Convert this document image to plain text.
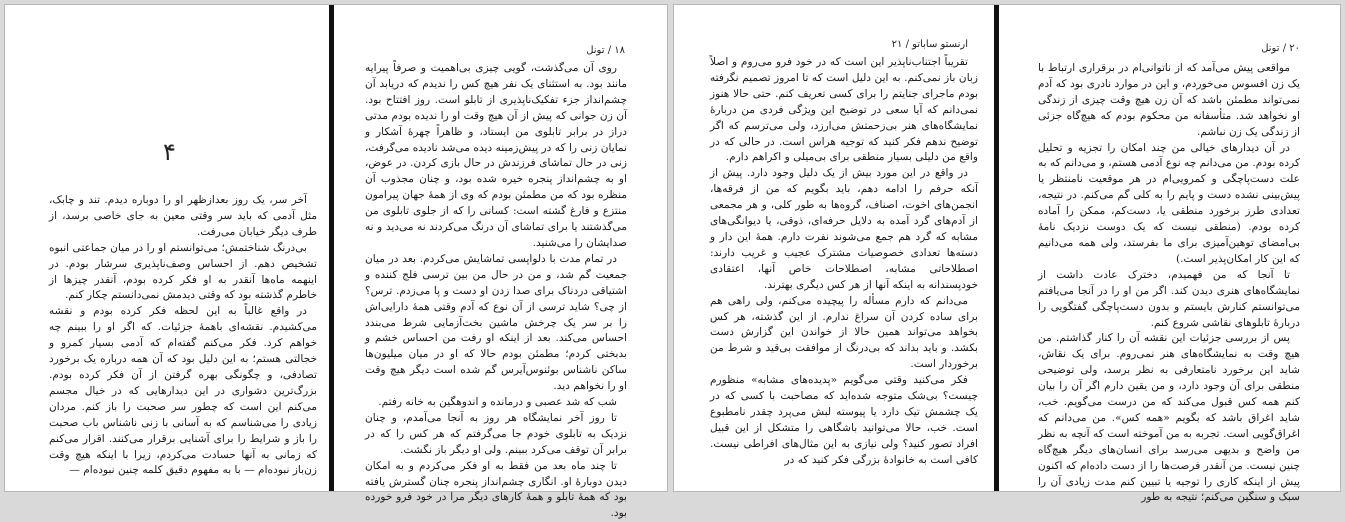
۴

آخر سر، یک روز بعدازظهر او را دوباره دیدم. تند و چابک، مثل آدمی که باید سر وقتی معین به جای خاصی برسد، از طرف دیگر خیابان می‌رفت.

بی‌درنگ شناختمش؛ می‌توانستم او را در میان جماعتی انبوه تشخیص دهم. از احساس وصف‌ناپذیری سرشار بودم. در اینهمه ماه‌ها آنقدر به او فکر کرده بودم، آنقدر چیزها از خاطرم گذشته بود که وقتی دیدمش نمی‌دانستم چکار کنم.

در واقع غالباً به این لحظه فکر کرده بودم و نقشه می‌کشیدم. نقشه‌ای باهمهٔ جزئیات. که اگر او را ببینم چه خواهم کرد. فکر می‌کنم گفته‌ام که آدمی بسیار کمرو و خجالتی هستم؛ به این دلیل بود که آن همه درباره یک برخورد تصادفی، و چگونگی بهره گرفتن از آن فکر کرده بودم. بزرگ‌ترین دشواری در این دیدارهایی که در خیال مجسم می‌کنم این است که چطور سر صحبت را باز کنم. مردان زیادی را می‌شناسم که به آسانی با زنی ناشناس باب صحبت را باز و شرایط را برای آشنایی برقرار می‌کنند. اقرار می‌کنم که زمانی به آنها حسادت می‌کردم، زیرا با اینکه هیچ وقت زن‌باز نبوده‌ام — با به مفهوم دقیق کلمه چنین نبوده‌ام —

۱۸ / تونل

روی آن می‌گذشت، گویی چیزی بی‌اهمیت و صرفاً پیرایه مانند بود. به استثنای یک نفر هیچ کس را ندیدم که دریابد آن چشم‌انداز جزء تفکیک‌ناپذیری از تابلو است. روز افتتاح بود. آن زن جوانی که پیش از آن هیچ وقت او را ندیده بودم مدتی دراز در برابر تابلوی من ایستاد، و ظاهراً چهرهٔ آشکار و نمایان زنی را که در پیش‌زمینه دیده می‌شد نادیده می‌گرفت، زنی در حال تماشای فرزندش در حال بازی کردن. در عوض، او به چشم‌انداز پنجره خیره شده بود، و چنان مجذوب آن منظره بود که من مطمئن بودم که وی از همهٔ جهان پیرامون منتزع و فارغ گشته است: کسانی را که از جلوی تابلوی من می‌گذشتند یا برای تماشای آن درنگ می‌کردند نه می‌دید و نه صدایشان را می‌شنید.

در تمام مدت با دلواپسی تماشایش می‌کردم. بعد در میان جمعیت گم شد، و من در حال من بین ترسی فلج کننده و اشتیاقی دردناک برای صدا زدن او دست و پا می‌زدم. ترس؟ از چی؟ شاید ترسی از آن نوع که آدم وقتی همهٔ دارایی‌اش را بر سر یک چرخش ماشین بخت‌آزمایی شرط می‌بندد احساس می‌کند. بعد از اینکه او رفت من احساس خشم و بدبختی کردم؛ مطمئن بودم حالا که او در میان میلیون‌ها ساکن ناشناس بوئنوس‌آیرس گم شده است دیگر هیچ وقت او را نخواهم دید.

شب که شد عصبی و درمانده و اندوهگین به خانه رفتم.

تا روز آخر نمایشگاه هر روز به آنجا می‌آمدم، و چنان نزدیک به تابلوی خودم جا می‌گرفتم که هر کس را که در برابر آن توقف می‌کرد ببینم. ولی او دیگر باز نگشت.

تا چند ماه بعد من فقط به او فکر می‌کردم و به امکان دیدن دوبارهٔ او. انگاری چشم‌انداز پنجره چنان گسترش یافته بود که همهٔ تابلو و همهٔ کارهای دیگر مرا در خود فرو خورده بود.

ارنستو ساباتو / ۲۱

تقریباً اجتناب‌ناپذیر این است که در خود فرو می‌روم و اصلاً زبان باز نمی‌کنم. به این دلیل است که تا امروز تصمیم نگرفته بودم ماجرای جنایتم را برای کسی تعریف کنم. حتی حالا هنوز نمی‌دانم که آیا سعی در توضیح این ویژگی فردی من دربارهٔ نمایشگاه‌های هنر بی‌زحمتش می‌ارزد، ولی می‌ترسم که اگر توضیح ندهم فکر کنید که توجیه هراس است. در حالی که در واقع من دلیلی بسیار منطقی برای بی‌میلی و اکراهم دارم.

در واقع در این مورد بیش از یک دلیل وجود دارد. پیش از آنکه حرفم را ادامه دهم، باید بگویم که من از فرقه‌ها، انجمن‌های اخوت، اصناف، گروه‌ها به طور کلی، و هر مجمعی از آدم‌های گرد آمده به دلایل حرفه‌ای، ذوقی، یا دیوانگی‌های مشابه که گرد هم جمع می‌شوند نفرت دارم. همهٔ این دار و دسته‌ها تعدادی خصوصیات مشترک عجیب و غریب دارند: اصطلاحاتی مشابه، اصطلاحات خاص آنها، اعتقادی خودپسندانه به اینکه آنها از هر کس دیگری بهترند.

می‌دانم که دارم مسأله را پیچیده می‌کنم، ولی راهی هم برای ساده کردن آن سراغ ندارم. از این گذشته، هر کس بخواهد می‌تواند همین حالا از خواندن این گزارش دست بکشد. و باید بداند که بی‌درنگ از موافقت بی‌قید و شرط من برخوردار است.

فکر می‌کنید وقتی می‌گویم «پدیده‌های مشابه» منظورم چیست؟ بی‌شک متوجه شده‌اید که مصاحبت با کسی که در یک چشمش تیک دارد یا پیوسته لبش می‌پرد چقدر نامطبوع است. خب، حالا می‌توانید باشگاهی را متشکل از این قبیل افراد تصور کنید؟ ولی نیازی به این مثال‌های افراطی نیست. کافی است به خانوادهٔ بزرگی فکر کنید که در

۲۰ / تونل

مواقعی پیش می‌آمد که از ناتوانی‌ام در برقراری ارتباط با یک زن افسوس می‌خوردم، و این در موارد نادری بود که آدم نمی‌تواند مطمئن باشد که آن زن هیچ وقت چیزی از زندگی او نخواهد شد. متأسفانه من محکوم بودم که هیچ‌گاه جزئی از زندگی یک زن نباشم.

در آن دیدارهای خیالی من چند امکان را تجزیه و تحلیل کرده بودم. من می‌دانم چه نوع آدمی هستم، و می‌دانم که به علت دست‌پاچگی و کمرویی‌ام در هر موقعیت نامنتظر یا پیش‌بینی نشده دست و پایم را به کلی گم می‌کنم. در نتیجه، تعدادی طرز برخورد منطقی یا، دست‌کم، ممکن را آماده کرده بودم. (منطقی نیست که یک دوست نزدیک نامهٔ بی‌امضای توهین‌آمیزی برای ما بفرستد، ولی همه می‌دانیم که این کار امکان‌پذیر است.)

تا آنجا که من فهمیدم، دخترک عادت داشت از نمایشگاه‌های هنری دیدن کند. اگر من او را در آنجا می‌یافتم می‌توانستم کنارش بایستم و بدون دست‌پاچگی گفتگویی را دربارهٔ تابلوهای نقاشی شروع کنم.

پس از بررسی جزئیات این نقشه آن را کنار گذاشتم. من هیچ وقت به نمایشگاه‌های هنر نمی‌روم. برای یک نقاش، شاید این برخورد نامتعارفی به نظر برسد، ولی توضیحی منطقی برای آن وجود دارد، و من یقین دارم اگر آن را بیان کنم همه کس قبول می‌کند که من درست می‌گویم. خب، شاید اغراق باشد که بگویم «همه کس». من می‌دانم که اغراق‌گویی است. تجربه به من آموخته است که آنچه به نظر من واضح و بدیهی می‌رسد برای انسان‌های دیگر هیچ‌گاه چنین نیست. من آنقدر فرصت‌ها را از دست داده‌ام که اکنون پیش از اینکه کاری را توجیه یا تبیین کنم مدت زیادی آن را سبک و سنگین می‌کنم؛ نتیجه به طور
